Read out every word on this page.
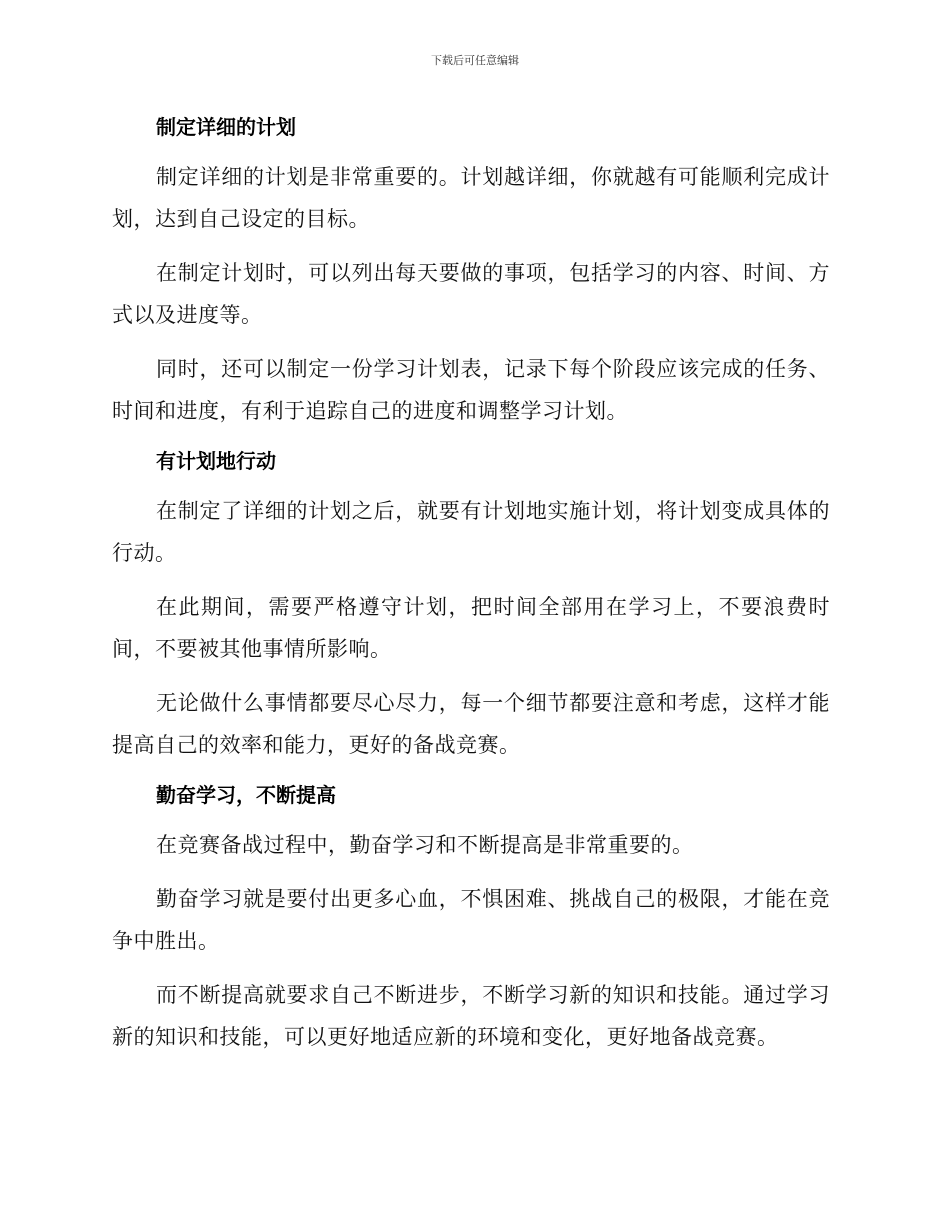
下载后可任意编辑
制定详细的计划

制定详细的计划是非常重要的。计划越详细，你就越有可能顺利完成计划，达到自己设定的目标。

在制定计划时，可以列出每天要做的事项，包括学习的内容、时间、方式以及进度等。

同时，还可以制定一份学习计划表，记录下每个阶段应该完成的任务、时间和进度，有利于追踪自己的进度和调整学习计划。

有计划地行动

在制定了详细的计划之后，就要有计划地实施计划，将计划变成具体的行动。

在此期间，需要严格遵守计划，把时间全部用在学习上，不要浪费时间，不要被其他事情所影响。

无论做什么事情都要尽心尽力，每一个细节都要注意和考虑，这样才能提高自己的效率和能力，更好的备战竞赛。

勤奋学习，不断提高

在竞赛备战过程中，勤奋学习和不断提高是非常重要的。

勤奋学习就是要付出更多心血，不惧困难、挑战自己的极限，才能在竞争中胜出。

而不断提高就要求自己不断进步，不断学习新的知识和技能。通过学习新的知识和技能，可以更好地适应新的环境和变化，更好地备战竞赛。
